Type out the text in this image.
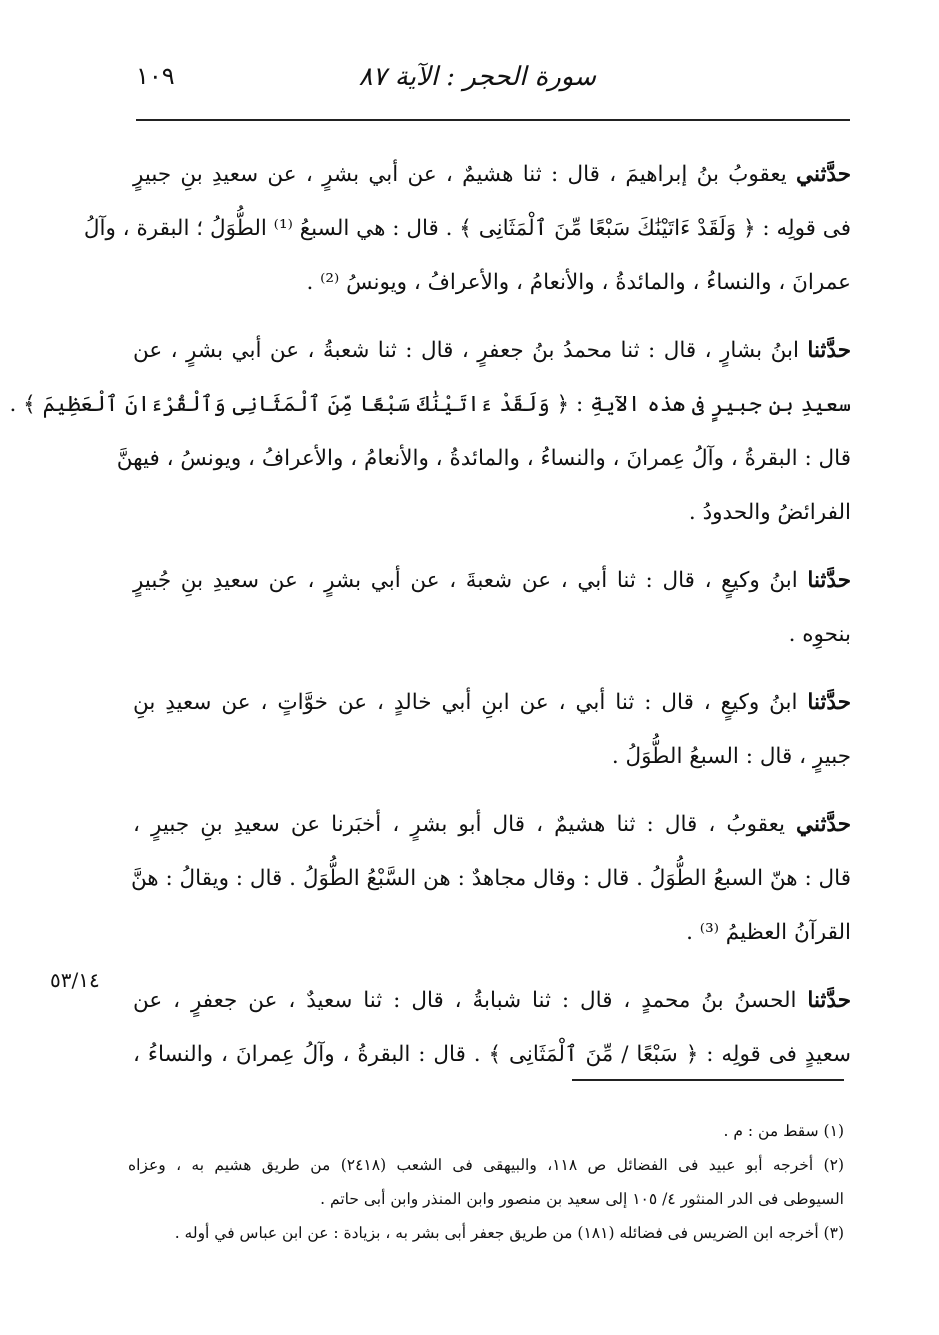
سورة الحجر : الآية ٨٧
١٠٩
حدَّثني يعقوبُ بنُ إبراهيمَ ، قال : ثنا هشيمٌ ، عن أبي بشرٍ ، عن سعيدِ بنِ جبيرٍ
فى قولِه : ﴿ وَلَقَدْ ءَاتَيْنَٰكَ سَبْعًا مِّنَ ٱلْمَثَانِى ﴾ . قال : هي السبعُ ⁽¹⁾ الطُّوَلُ ؛ البقرة ، وآلُ
عمرانَ ، والنساءُ ، والمائدةُ ، والأنعامُ ، والأعرافُ ، ويونسُ ⁽²⁾ .
حدَّثنا ابنُ بشارٍ ، قال : ثنا محمدُ بنُ جعفرٍ ، قال : ثنا شعبةُ ، عن أبي بشرٍ ، عن
سعيدِ بنِ جبيرٍ فى هذه الآيةِ : ﴿ وَلَقَدْ ءَاتَيْنَٰكَ سَبْعًا مِّنَ ٱلْمَثَانِى وَٱلْقُرْءَانَ ٱلْعَظِيمَ ﴾ .
قال : البقرةُ ، وآلُ عِمرانَ ، والنساءُ ، والمائدةُ ، والأنعامُ ، والأعرافُ ، ويونسُ ، فيهنَّ
الفرائضُ والحدودُ .
حدَّثنا ابنُ وكيعٍ ، قال : ثنا أبي ، عن شعبةَ ، عن أبي بشرٍ ، عن سعيدِ بنِ جُبيرٍ
بنحوِه .
حدَّثنا ابنُ وكيعٍ ، قال : ثنا أبي ، عن ابنِ أبي خالدٍ ، عن خوَّاتٍ ، عن سعيدِ بنِ
جبيرٍ ، قال : السبعُ الطُّوَلُ .
حدَّثني يعقوبُ ، قال : ثنا هشيمٌ ، قال أبو بشرٍ ، أخبَرنا عن سعيدِ بنِ جبيرٍ ،
قال : هنّ السبعُ الطُّوَلُ . قال : وقال مجاهدٌ : هن السَّبْعُ الطُّوَلُ . قال : ويقالُ : هنَّ
القرآنُ العظيمُ ⁽³⁾ .
حدَّثنا الحسنُ بنُ محمدٍ ، قال : ثنا شبابةُ ، قال : ثنا سعيدٌ ، عن جعفرٍ ، عن
سعيدٍ فى قولِه : ﴿ سَبْعًا / مِّنَ ٱلْمَثَانِى ﴾ . قال : البقرةُ ، وآلُ عِمرانَ ، والنساءُ ،
٥٣/١٤
(١) سقط من : م .
(٢) أخرجه أبو عبيد فى الفضائل ص ١١٨، والبيهقى فى الشعب (٢٤١٨) من طريق هشيم به ، وعزاه
السيوطى فى الدر المنثور ٤/ ١٠٥ إلى سعيد بن منصور وابن المنذر وابن أبى حاتم .
(٣) أخرجه ابن الضريس فى فضائله (١٨١) من طريق جعفر أبى بشر به ، بزيادة : عن ابن عباس في أوله .
